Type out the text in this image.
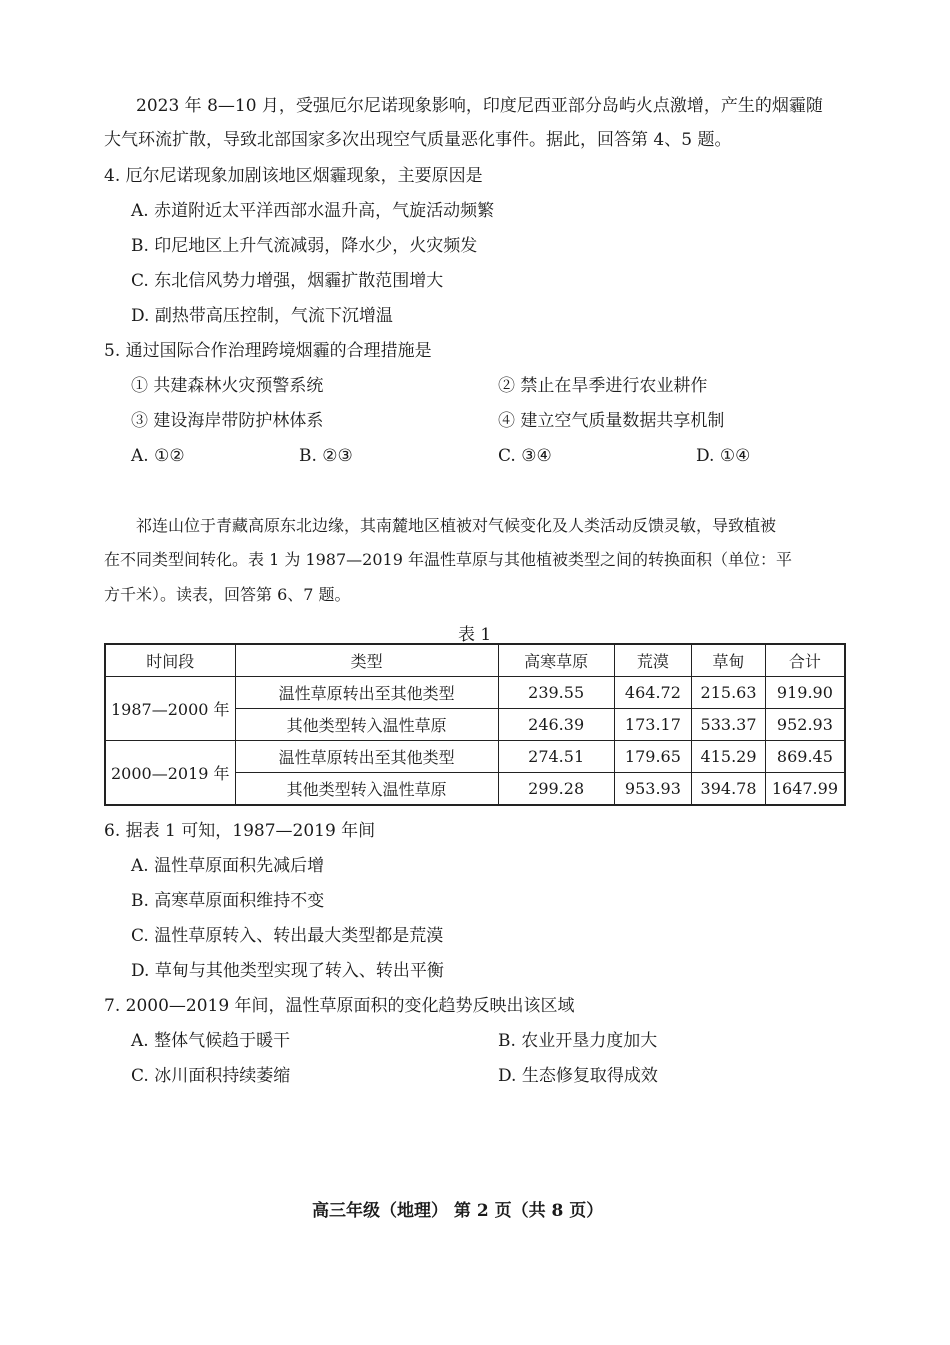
2023 年 8—10 月，受强厄尔尼诺现象影响，印度尼西亚部分岛屿火点激增，产生的烟霾随
大气环流扩散，导致北部国家多次出现空气质量恶化事件。据此，回答第 4、5 题。
4. 厄尔尼诺现象加剧该地区烟霾现象，主要原因是
A. 赤道附近太平洋西部水温升高，气旋活动频繁
B. 印尼地区上升气流减弱，降水少，火灾频发
C. 东北信风势力增强，烟霾扩散范围增大
D. 副热带高压控制，气流下沉增温
5. 通过国际合作治理跨境烟霾的合理措施是
① 共建森林火灾预警系统	② 禁止在旱季进行农业耕作
③ 建设海岸带防护林体系	④ 建立空气质量数据共享机制
A. ①②	B. ②③	C. ③④	D. ①④
祁连山位于青藏高原东北边缘，其南麓地区植被对气候变化及人类活动反馈灵敏，导致植被
在不同类型间转化。表 1 为 1987—2019 年温性草原与其他植被类型之间的转换面积（单位：平
方千米）。读表，回答第 6、7 题。
表 1
时间段	类型	高寒草原	荒漠	草甸	合计
1987—2000 年	温性草原转出至其他类型	239.55	464.72	215.63	919.90
	其他类型转入温性草原	246.39	173.17	533.37	952.93
2000—2019 年	温性草原转出至其他类型	274.51	179.65	415.29	869.45
	其他类型转入温性草原	299.28	953.93	394.78	1647.99
6. 据表 1 可知，1987—2019 年间
A. 温性草原面积先减后增
B. 高寒草原面积维持不变
C. 温性草原转入、转出最大类型都是荒漠
D. 草甸与其他类型实现了转入、转出平衡
7. 2000—2019 年间，温性草原面积的变化趋势反映出该区域
A. 整体气候趋于暖干	B. 农业开垦力度加大
C. 冰川面积持续萎缩	D. 生态修复取得成效
高三年级（地理） 第 2 页（共 8 页）
